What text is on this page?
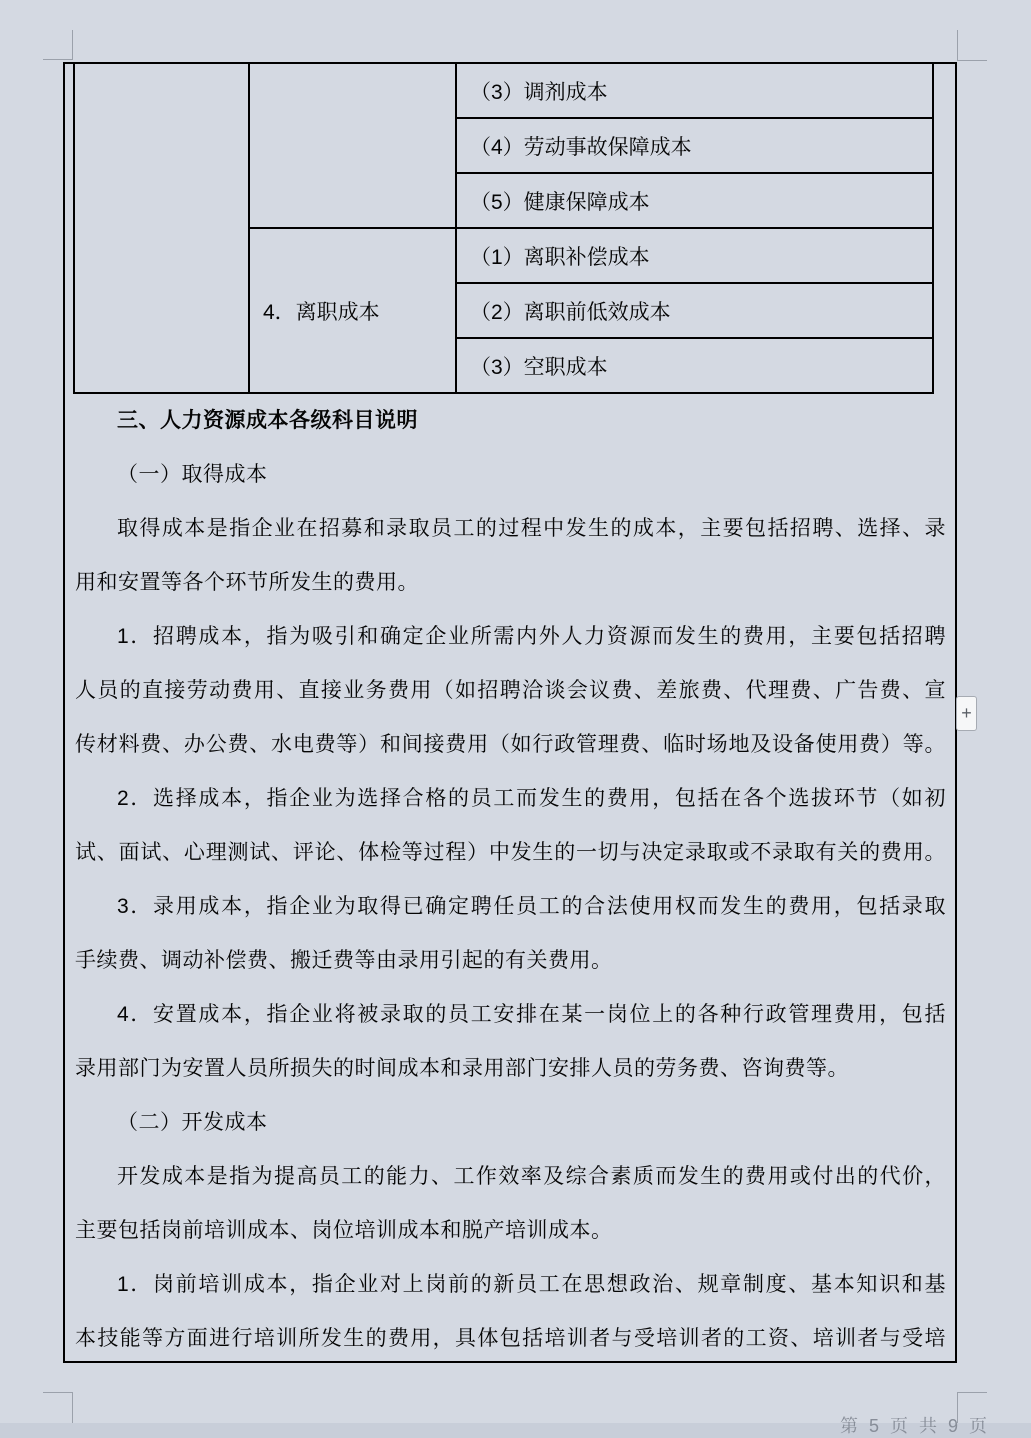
		（3）调剂成本
		（4）劳动事故保障成本
		（5）健康保障成本
	4．离职成本	（1）离职补偿成本
		（2）离职前低效成本
		（3）空职成本
三、人力资源成本各级科目说明
（一）取得成本
取得成本是指企业在招募和录取员工的过程中发生的成本，主要包括招聘、选择、录
用和安置等各个环节所发生的费用。
1．招聘成本，指为吸引和确定企业所需内外人力资源而发生的费用，主要包括招聘
人员的直接劳动费用、直接业务费用（如招聘洽谈会议费、差旅费、代理费、广告费、宣
传材料费、办公费、水电费等）和间接费用（如行政管理费、临时场地及设备使用费）等。
2．选择成本，指企业为选择合格的员工而发生的费用，包括在各个选拔环节（如初
试、面试、心理测试、评论、体检等过程）中发生的一切与决定录取或不录取有关的费用。
3．录用成本，指企业为取得已确定聘任员工的合法使用权而发生的费用，包括录取
手续费、调动补偿费、搬迁费等由录用引起的有关费用。
4．安置成本，指企业将被录取的员工安排在某一岗位上的各种行政管理费用，包括
录用部门为安置人员所损失的时间成本和录用部门安排人员的劳务费、咨询费等。
（二）开发成本
开发成本是指为提高员工的能力、工作效率及综合素质而发生的费用或付出的代价，
主要包括岗前培训成本、岗位培训成本和脱产培训成本。
1．岗前培训成本，指企业对上岗前的新员工在思想政治、规章制度、基本知识和基
本技能等方面进行培训所发生的费用，具体包括培训者与受培训者的工资、培训者与受培
+
第 5 页 共 9 页
